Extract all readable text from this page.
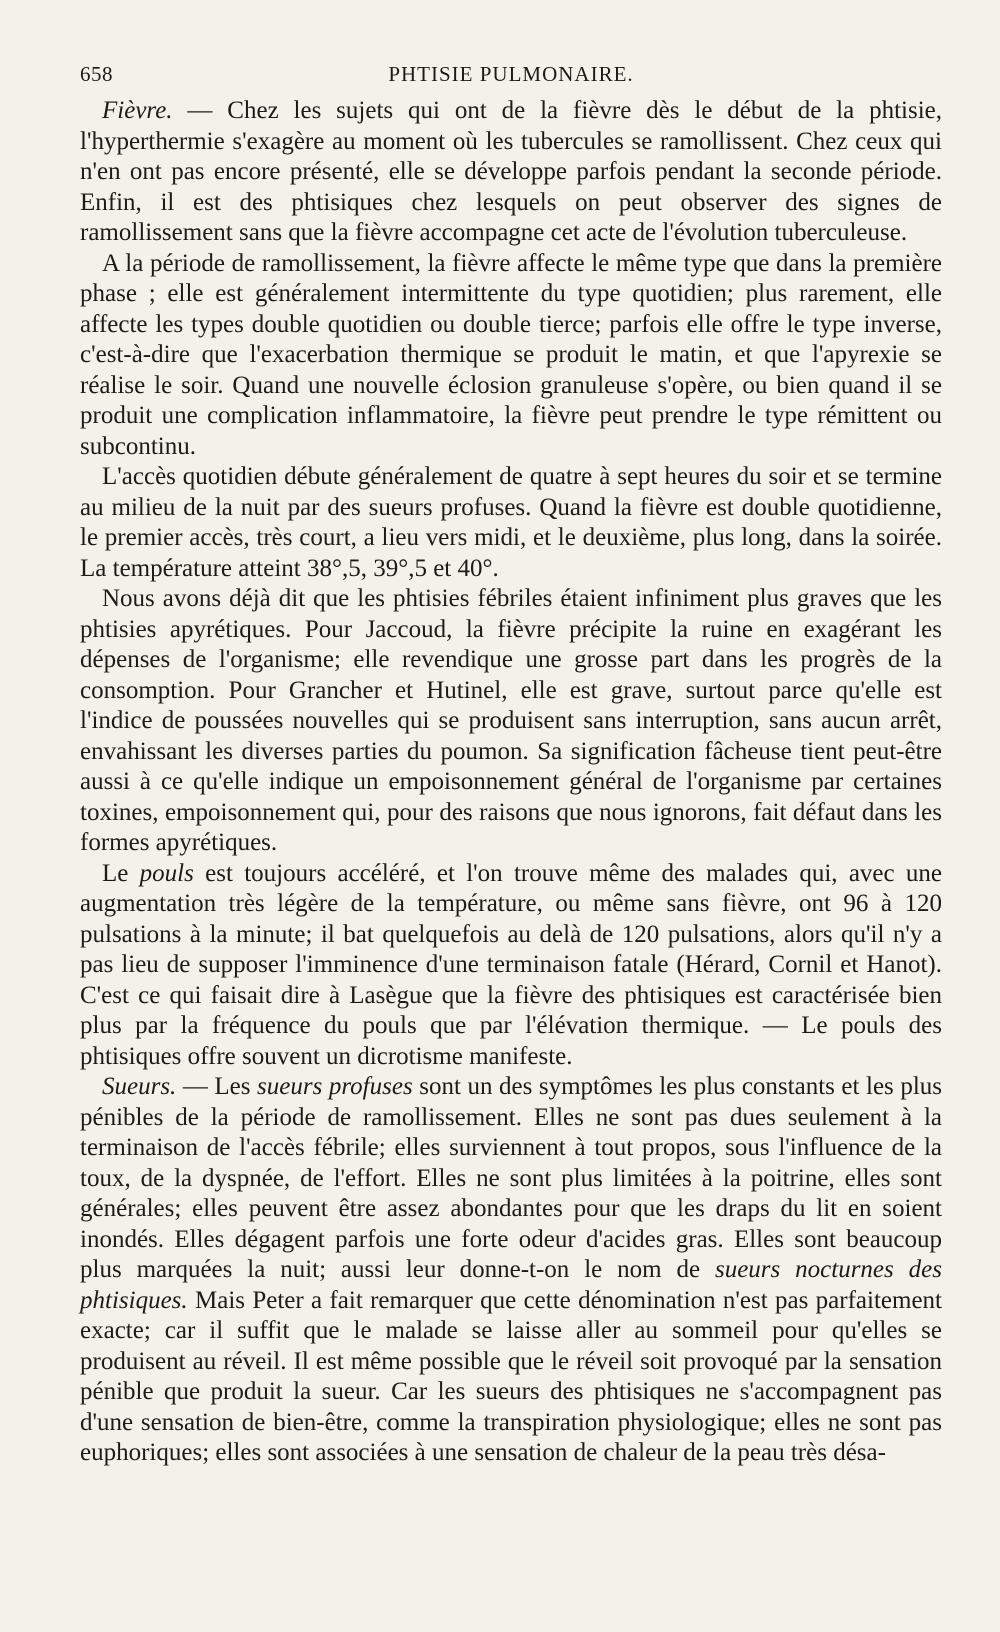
658	PHTISIE PULMONAIRE.

Fièvre. — Chez les sujets qui ont de la fièvre dès le début de la phtisie, l'hyperthermie s'exagère au moment où les tubercules se ramollissent. Chez ceux qui n'en ont pas encore présenté, elle se développe parfois pendant la seconde période. Enfin, il est des phtisiques chez lesquels on peut observer des signes de ramollissement sans que la fièvre accompagne cet acte de l'évolution tuberculeuse.

A la période de ramollissement, la fièvre affecte le même type que dans la première phase ; elle est généralement intermittente du type quotidien; plus rarement, elle affecte les types double quotidien ou double tierce; parfois elle offre le type inverse, c'est-à-dire que l'exacerbation thermique se produit le matin, et que l'apyrexie se réalise le soir. Quand une nouvelle éclosion granuleuse s'opère, ou bien quand il se produit une complication inflammatoire, la fièvre peut prendre le type rémittent ou subcontinu.

L'accès quotidien débute généralement de quatre à sept heures du soir et se termine au milieu de la nuit par des sueurs profuses. Quand la fièvre est double quotidienne, le premier accès, très court, a lieu vers midi, et le deuxième, plus long, dans la soirée. La température atteint 38°,5, 39°,5 et 40°.

Nous avons déjà dit que les phtisies fébriles étaient infiniment plus graves que les phtisies apyrétiques. Pour Jaccoud, la fièvre précipite la ruine en exagérant les dépenses de l'organisme; elle revendique une grosse part dans les progrès de la consomption. Pour Grancher et Hutinel, elle est grave, surtout parce qu'elle est l'indice de poussées nouvelles qui se produisent sans interruption, sans aucun arrêt, envahissant les diverses parties du poumon. Sa signification fâcheuse tient peut-être aussi à ce qu'elle indique un empoisonnement général de l'organisme par certaines toxines, empoisonnement qui, pour des raisons que nous ignorons, fait défaut dans les formes apyrétiques.

Le pouls est toujours accéléré, et l'on trouve même des malades qui, avec une augmentation très légère de la température, ou même sans fièvre, ont 96 à 120 pulsations à la minute; il bat quelquefois au delà de 120 pulsations, alors qu'il n'y a pas lieu de supposer l'imminence d'une terminaison fatale (Hérard, Cornil et Hanot). C'est ce qui faisait dire à Lasègue que la fièvre des phtisiques est caractérisée bien plus par la fréquence du pouls que par l'élévation thermique. — Le pouls des phtisiques offre souvent un dicrotisme manifeste.

Sueurs. — Les sueurs profuses sont un des symptômes les plus constants et les plus pénibles de la période de ramollissement. Elles ne sont pas dues seulement à la terminaison de l'accès fébrile; elles surviennent à tout propos, sous l'influence de la toux, de la dyspnée, de l'effort. Elles ne sont plus limitées à la poitrine, elles sont générales; elles peuvent être assez abondantes pour que les draps du lit en soient inondés. Elles dégagent parfois une forte odeur d'acides gras. Elles sont beaucoup plus marquées la nuit; aussi leur donne-t-on le nom de sueurs nocturnes des phtisiques. Mais Peter a fait remarquer que cette dénomination n'est pas parfaitement exacte; car il suffit que le malade se laisse aller au sommeil pour qu'elles se produisent au réveil. Il est même possible que le réveil soit provoqué par la sensation pénible que produit la sueur. Car les sueurs des phtisiques ne s'accompagnent pas d'une sensation de bien-être, comme la transpiration physiologique; elles ne sont pas euphoriques; elles sont associées à une sensation de chaleur de la peau très désa-
